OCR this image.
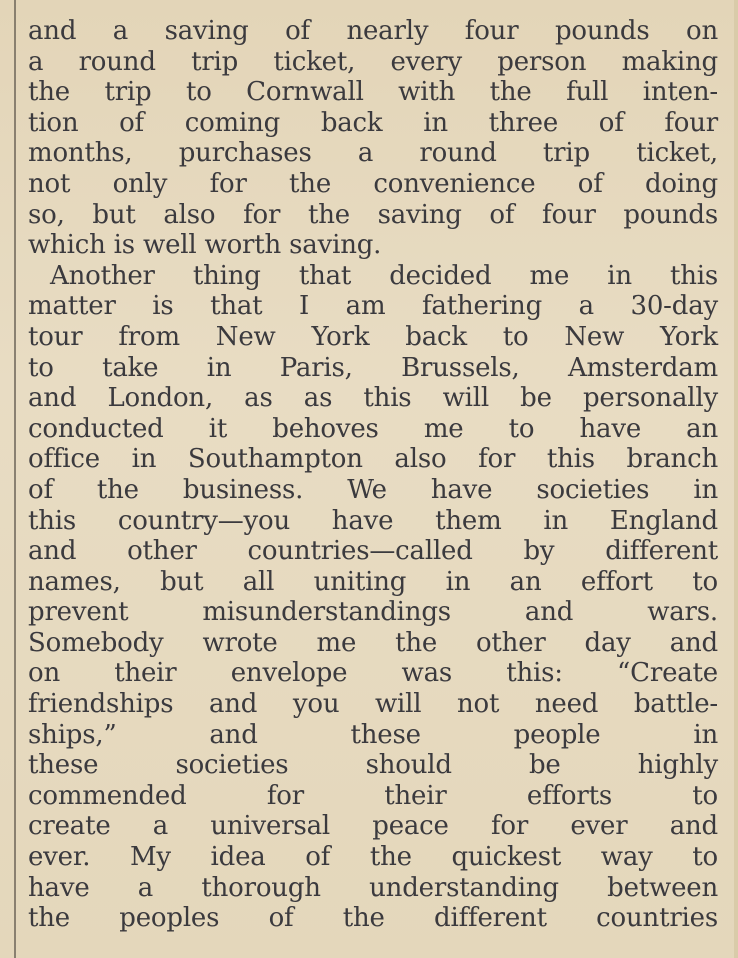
and a saving of nearly four pounds on
a round trip ticket, every person making
the trip to Cornwall with the full inten-
tion of coming back in three of four
months, purchases a round trip ticket,
not only for the convenience of doing
so, but also for the saving of four pounds
which is well worth saving.
Another thing that decided me in this
matter is that I am fathering a 30-day
tour from New York back to New York
to take in Paris, Brussels, Amsterdam
and London, as as this will be personally
conducted it behoves me to have an
office in Southampton also for this branch
of the business. We have societies in
this country—you have them in England
and other countries—called by different
names, but all uniting in an effort to
prevent misunderstandings and wars.
Somebody wrote me the other day and
on their envelope was this: “Create
friendships and you will not need battle-
ships,” and these people in
these societies should be highly
commended for their efforts to
create a universal peace for ever and
ever. My idea of the quickest way to
have a thorough understanding between
the peoples of the different countries
